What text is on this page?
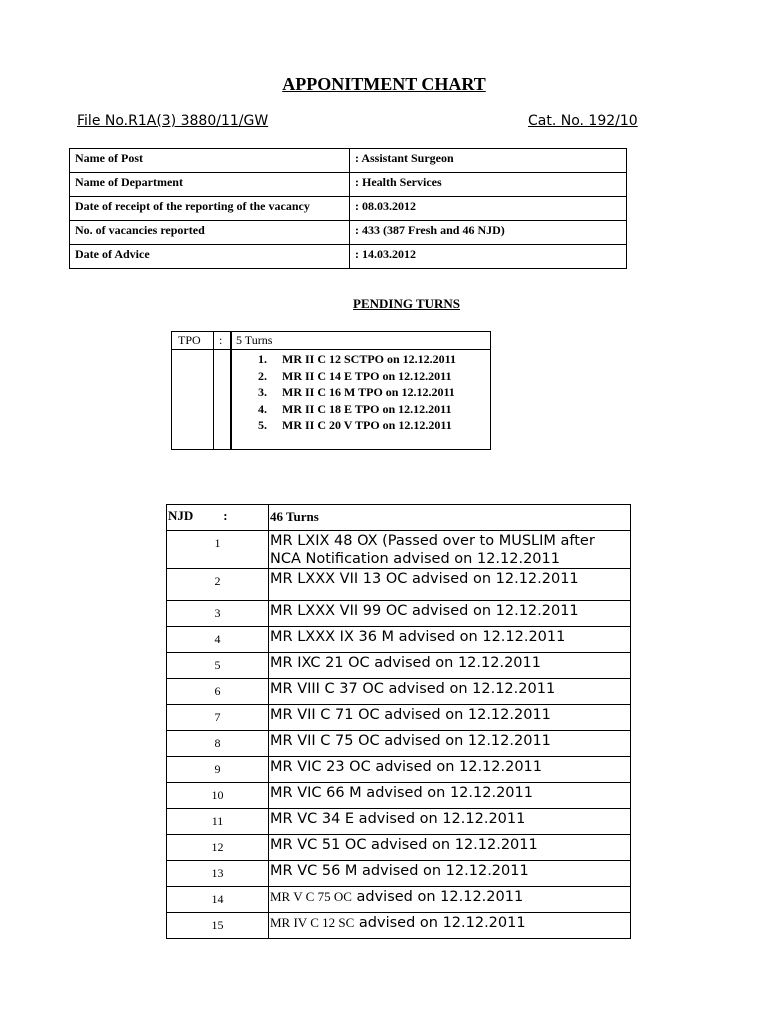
APPONITMENT CHART
File No.R1A(3) 3880/11/GW	Cat. No. 192/10
Name of Post	: Assistant Surgeon
Name of Department	: Health Services
Date of receipt of the reporting of the vacancy	: 08.03.2012
No. of vacancies reported	: 433 (387 Fresh and 46 NJD)
Date of Advice	: 14.03.2012
PENDING TURNS
TPO : 5 Turns
1. MR II C 12 SCTPO on 12.12.2011
2. MR II C 14 E TPO on 12.12.2011
3. MR II C 16 M TPO on 12.12.2011
4. MR II C 18 E TPO on 12.12.2011
5. MR II C 20 V TPO on 12.12.2011
NJD :	46 Turns
1	MR LXIX 48 OX (Passed over to MUSLIM after NCA Notification advised on 12.12.2011
2	MR LXXX VII 13 OC advised on 12.12.2011
3	MR LXXX VII 99 OC advised on 12.12.2011
4	MR LXXX IX 36 M advised on 12.12.2011
5	MR IXC 21 OC advised on 12.12.2011
6	MR VIII C 37 OC advised on 12.12.2011
7	MR VII C 71 OC advised on 12.12.2011
8	MR VII C 75 OC advised on 12.12.2011
9	MR VIC 23 OC advised on 12.12.2011
10	MR VIC 66 M advised on 12.12.2011
11	MR VC 34 E advised on 12.12.2011
12	MR VC 51 OC advised on 12.12.2011
13	MR VC 56 M advised on 12.12.2011
14	MR V C 75 OC advised on 12.12.2011
15	MR IV C 12 SC advised on 12.12.2011
